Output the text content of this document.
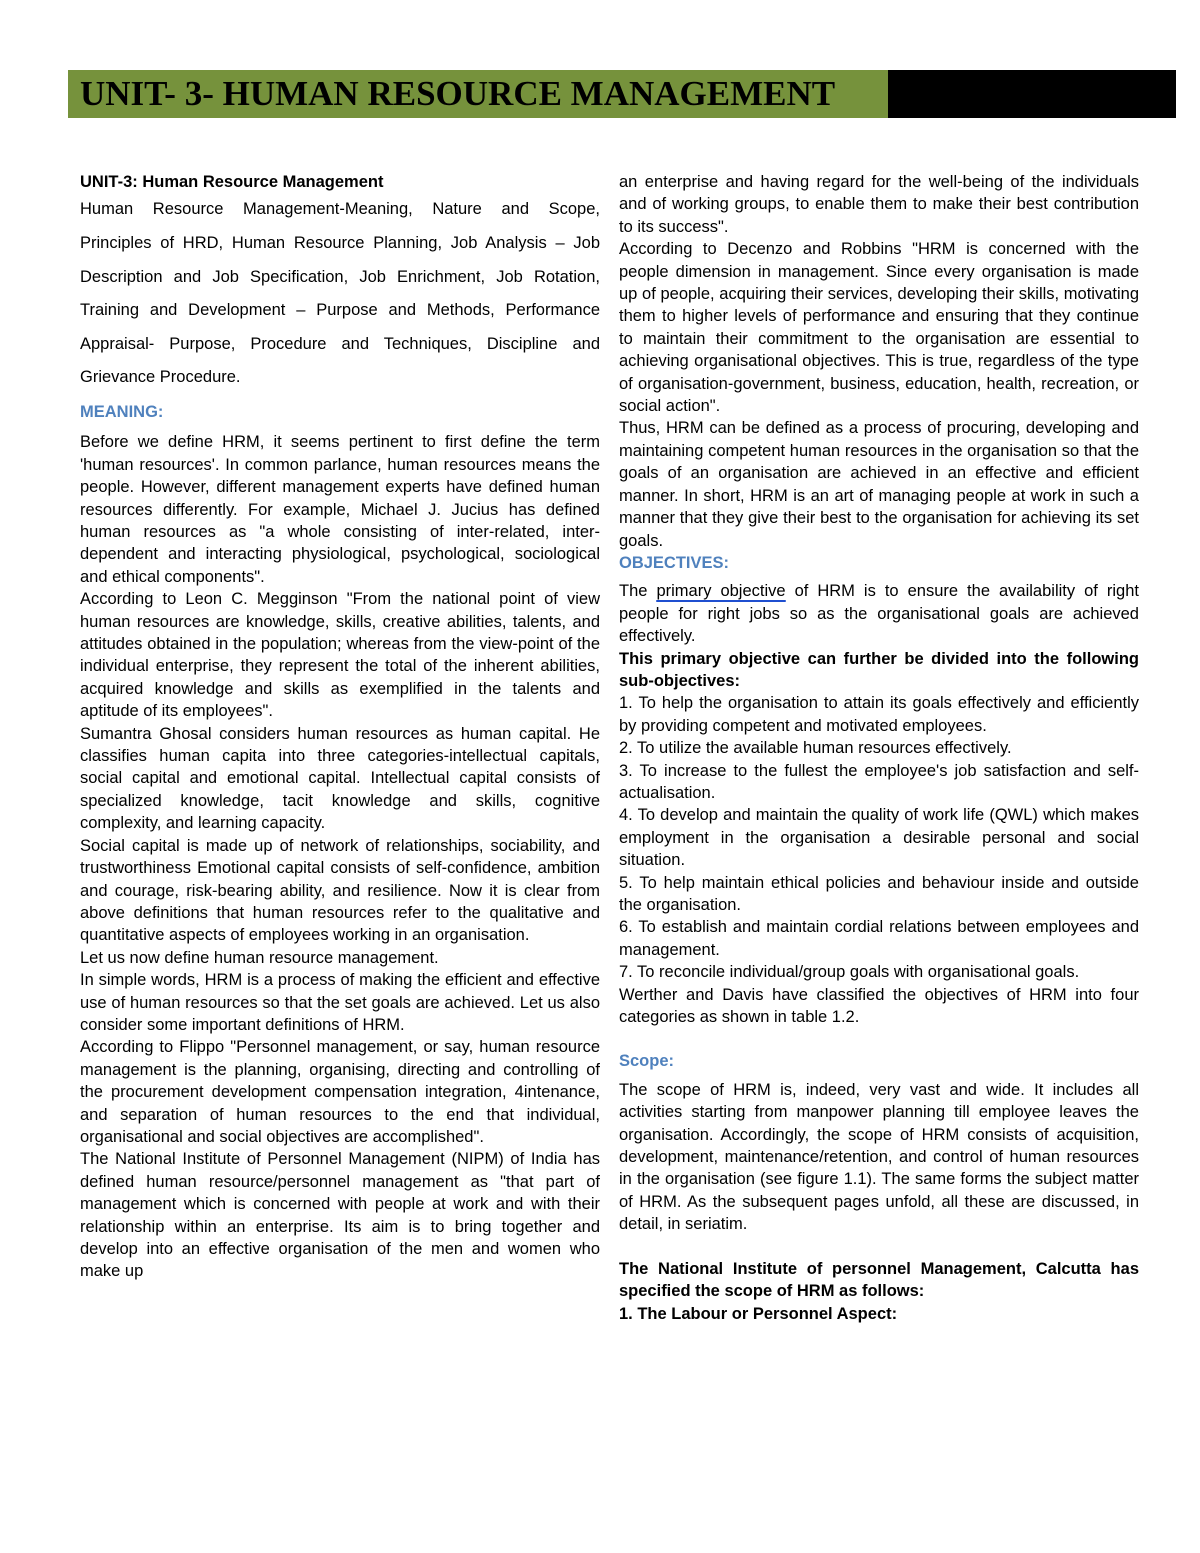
UNIT- 3- HUMAN RESOURCE MANAGEMENT

UNIT-3: Human Resource Management

Human Resource Management-Meaning, Nature and Scope, Principles of HRD, Human Resource Planning, Job Analysis – Job Description and Job Specification, Job Enrichment, Job Rotation, Training and Development – Purpose and Methods, Performance Appraisal- Purpose, Procedure and Techniques, Discipline and Grievance Procedure.

MEANING:

Before we define HRM, it seems pertinent to first define the term 'human resources'. In common parlance, human resources means the people. However, different management experts have defined human resources differently. For example, Michael J. Jucius has defined human resources as "a whole consisting of inter-related, inter-dependent and interacting physiological, psychological, sociological and ethical components".

According to Leon C. Megginson "From the national point of view human resources are knowledge, skills, creative abilities, talents, and attitudes obtained in the population; whereas from the view-point of the individual enterprise, they represent the total of the inherent abilities, acquired knowledge and skills as exemplified in the talents and aptitude of its employees".

Sumantra Ghosal considers human resources as human capital. He classifies human capita into three categories-intellectual capitals, social capital and emotional capital. Intellectual capital consists of specialized knowledge, tacit knowledge and skills, cognitive complexity, and learning capacity.

Social capital is made up of network of relationships, sociability, and trustworthiness Emotional capital consists of self-confidence, ambition and courage, risk-bearing ability, and resilience. Now it is clear from above definitions that human resources refer to the qualitative and quantitative aspects of employees working in an organisation.

Let us now define human resource management.

In simple words, HRM is a process of making the efficient and effective use of human resources so that the set goals are achieved. Let us also consider some important definitions of HRM.

According to Flippo "Personnel management, or say, human resource management is the planning, organising, directing and controlling of the procurement development compensation integration, 4intenance, and separation of human resources to the end that individual, organisational and social objectives are accomplished".

The National Institute of Personnel Management (NIPM) of India has defined human resource/personnel management as "that part of management which is concerned with people at work and with their relationship within an enterprise. Its aim is to bring together and develop into an effective organisation of the men and women who make up

an enterprise and having regard for the well-being of the individuals and of working groups, to enable them to make their best contribution to its success".

According to Decenzo and Robbins "HRM is concerned with the people dimension in management. Since every organisation is made up of people, acquiring their services, developing their skills, motivating them to higher levels of performance and ensuring that they continue to maintain their commitment to the organisation are essential to achieving organisational objectives. This is true, regardless of the type of organisation-government, business, education, health, recreation, or social action".

Thus, HRM can be defined as a process of procuring, developing and maintaining competent human resources in the organisation so that the goals of an organisation are achieved in an effective and efficient manner. In short, HRM is an art of managing people at work in such a manner that they give their best to the organisation for achieving its set goals.

OBJECTIVES:

The primary objective of HRM is to ensure the availability of right people for right jobs so as the organisational goals are achieved effectively.

This primary objective can further be divided into the following sub-objectives:

1. To help the organisation to attain its goals effectively and efficiently by providing competent and motivated employees.

2. To utilize the available human resources effectively.

3. To increase to the fullest the employee's job satisfaction and self-actualisation.

4. To develop and maintain the quality of work life (QWL) which makes employment in the organisation a desirable personal and social situation.

5. To help maintain ethical policies and behaviour inside and outside the organisation.

6. To establish and maintain cordial relations between employees and management.

7. To reconcile individual/group goals with organisational goals.

Werther and Davis have classified the objectives of HRM into four categories as shown in table 1.2.

Scope:

The scope of HRM is, indeed, very vast and wide. It includes all activities starting from manpower planning till employee leaves the organisation. Accordingly, the scope of HRM consists of acquisition, development, maintenance/retention, and control of human resources in the organisation (see figure 1.1). The same forms the subject matter of HRM. As the subsequent pages unfold, all these are discussed, in detail, in seriatim.

The National Institute of personnel Management, Calcutta has specified the scope of HRM as follows:

1. The Labour or Personnel Aspect:
